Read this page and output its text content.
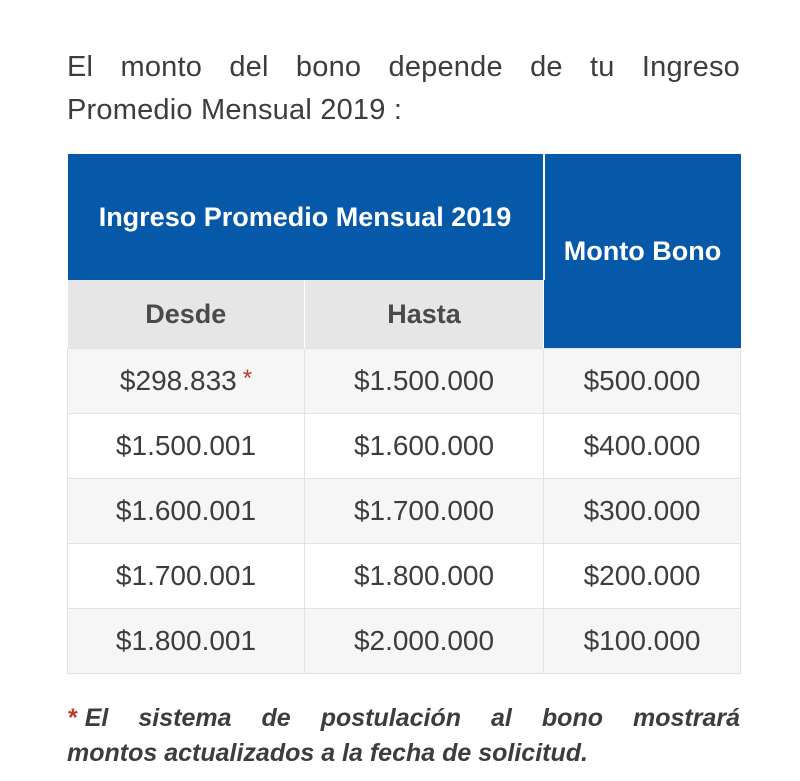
El monto del bono depende de tu Ingreso
Promedio Mensual 2019 :

Ingreso Promedio Mensual 2019		Monto Bono
Desde	Hasta	
$298.833 *	$1.500.000	$500.000
$1.500.001	$1.600.000	$400.000
$1.600.001	$1.700.000	$300.000
$1.700.001	$1.800.000	$200.000
$1.800.001	$2.000.000	$100.000

* El sistema de postulación al bono mostrará
montos actualizados a la fecha de solicitud.
